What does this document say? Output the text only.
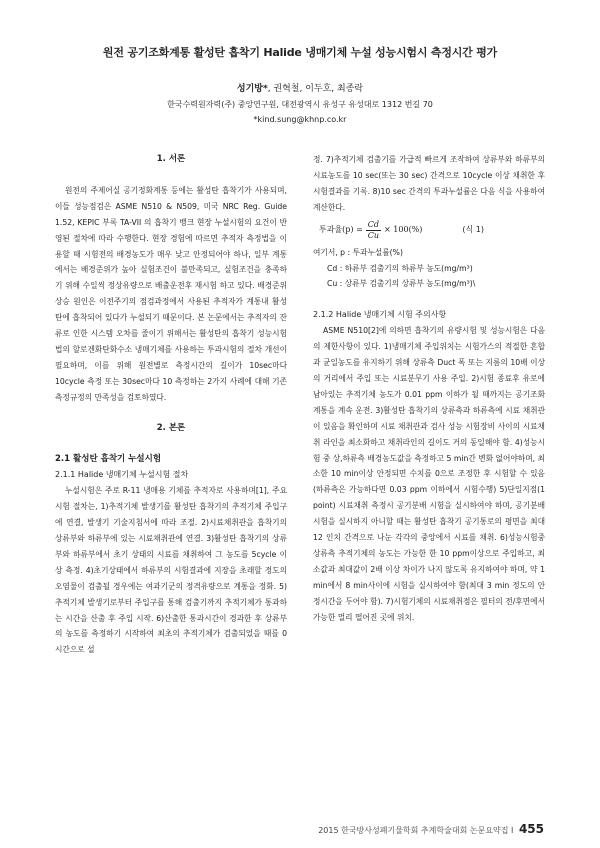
원전 공기조화계통 활성탄 흡착기 Halide 냉매기체 누설 성능시험시 측정시간 평가
성기방*, 권혁철, 이두호, 최종락
한국수력원자력(주) 중앙연구원, 대전광역시 유성구 유성대로 1312 번길 70
*kind.sung@khnp.co.kr
1. 서론

원전의 주제어실 공기정화계통 등에는 활성탄 흡착기가 사용되며, 이들 성능점검은 ASME N510 & N509, 미국 NRC Reg. Guide 1.52, KEPIC 부록 TA-VII 의 흡착기 뱅크 현장 누설시험의 요건이 반영된 절차에 따라 수행한다. 현장 경험에 따르면 추적자 측정법을 이용할 때 시험전의 배경농도가 매우 낮고 안정되어야 하나, 일부 계통에서는 배경준위가 높아 실험조건이 불만족되고, 실험조건을 충족하기 위해 수일씩 정상유량으로 배출운전후 재시험 하고 있다. 배경준위 상승 원인은 이전주기의 점검과정에서 사용된 추적자가 계통내 활성탄에 흡착되어 있다가 누설되기 때문이다. 본 논문에서는 추적자의 잔류로 인한 시스템 오차를 줄이기 위해서는 활성탄의 흡착기 성능시험법의 할로겐화탄화수소 냉매기체를 사용하는 투과시험의 절차 개선이 필요하며, 이를 위해 원전별로 측정시간의 길이가 10sec마다 10cycle 측정 또는 30sec마다 10 측정하는 2가지 사례에 대해 기존 측정규정의 만족성을 검토하였다.

2. 본론
2.1 활성탄 흡착기 누설시험
2.1.1 Halide 냉매기체 누설시험 절차

누설시험은 주로 R-11 냉매용 기체를 추적자로 사용하며[1], 주요 시험 절차는, 1)추적기체 발생기를 활성탄 흡착기의 추적기체 주입구에 연결, 발생기 기술지침서에 따라 조절. 2)시료채취관을 흡착기의 상류부와 하류부에 있는 시료채취관에 연결. 3)활성탄 흡착기의 상류부와 하류부에서 초기 상태의 시료를 채취하여 그 농도를 5cycle 이상 측정. 4)초기상태에서 하류부의 시험결과에 지장을 초래할 정도의 오염물이 검출될 경우에는 여과기군의 정격유량으로 계통을 정화. 5)추적기체 발생기로부터 주입구를 통해 검출기까지 추적기체가 통과하는 시간을 산출 후 주입 시작. 6)산출한 통과시간이 경과한 후 상류부의 농도를 측정하기 시작하여 최초의 추적기체가 검출되었을 때를 0 시간으로 설

정. 7)추적기체 검출기를 가급적 빠르게 조작하여 상류부와 하류부의 시료농도를 10 sec(또는 30 sec) 간격으로 10cycle 이상 채취한 후 시험결과를 기록. 8)10 sec 간격의 투과누설률은 다음 식을 사용하여 계산한다.

투과율$(p) = \frac{Cd}{Cu} \times 100(\%)$	(식 1)

여기서, p : 투과누설률(%)

Cd : 하류부 검출기의 하류부 농도(mg/m³)

Cu : 상류부 검출기의 상류부 농도(mg/m³)\

2.1.2 Halide 냉매기체 시험 주의사항

ASME N510[2]에 의하면 흡착기의 유량시험 및 성능시험은 다음의 제한사항이 있다. 1)냉매기체 주입위치는 시험가스의 적절한 혼합과 균일농도를 유지하기 위해 상류측 Duct 폭 또는 지름의 10배 이상의 거리에서 주입 또는 시료분무기 사용 주입. 2)시험 종료후 유로에 남아있는 추적기체 농도가 0.01 ppm 이하가 될 때까지는 공기조화계통을 계속 운전. 3)활성탄 흡착기의 상류측과 하류측에 시료 채취관이 있음을 확인하며 시료 채취관과 검사 성능 시험장비 사이의 시료채취 라인을 최소화하고 채취라인의 길이도 거의 동일해야 함. 4)성능시험 중 상,하류측 배경농도값을 측정하고 5 min간 변화 없어야하며, 최소한 10 min이상 안정되면 수치를 0으로 조정한 후 시험할 수 있음(하류측은 가능하다면 0.03 ppm 이하에서 시험수행) 5)단일지점(1 point) 시료채취 측정시 공기분배 시험을 실시하여야 하며, 공기분배시험을 실시하지 아니할 때는 활성탄 흡착기 공기통로의 평면을 최대 12 인치 간격으로 나눈 각각의 중앙에서 시료를 채취. 6)성능시험중 상류측 추적기체의 농도는 가능한 한 10 ppm이상으로 주입하고, 최소값과 최대값이 2배 이상 차이가 나지 않도록 유지하여야 하며, 약 1 min에서 8 min사이에 시험을 실시하여야 함(최대 3 min 정도의 안정시간을 두어야 함). 7)시험기체의 시료채취점은 필터의 전/후면에서 가능한 멀리 떨어진 곳에 위치.

2015 한국방사성폐기물학회 추계학술대회 논문요약집 I 455
